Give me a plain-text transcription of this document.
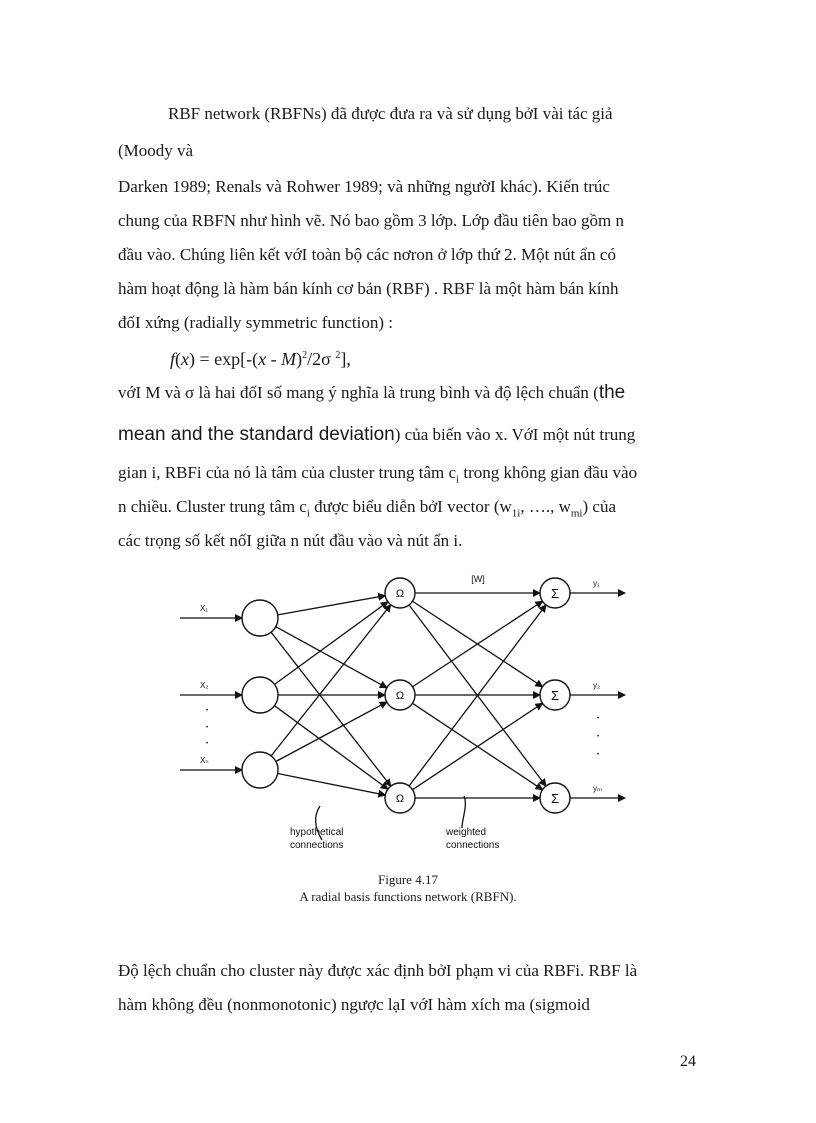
RBF network (RBFNs) đã được đưa ra và sử dụng bởI vài tác giả
(Moody và
Darken 1989; Renals và Rohwer 1989; và những ngườI khác). Kiến trúc
chung của RBFN như hình vẽ. Nó bao gồm 3 lớp. Lớp đầu tiên bao gồm n
đầu vào. Chúng liên kết vớI toàn bộ các nơron ở lớp thứ 2. Một nút ẩn có
hàm hoạt động là hàm bán kính cơ bản (RBF) . RBF là một hàm bán kính
đốI xứng (radially symmetric function) :
f(x) = exp[-(x - M)$^2$/2σ $^2$],
vớI M và σ là hai đốI số mang ý nghĩa là trung bình và độ lệch chuẩn (the
mean and the standard deviation) của biến vào x. VớI một nút trung
gian i, RBFi của nó là tâm của cluster trung tâm $c_i$ trong không gian đầu vào
n chiều. Cluster trung tâm $c_i$ được biểu diễn bởI vector ($w_{1i}$, …., $w_{mi}$) của
các trọng số kết nốI giữa n nút đầu vào và nút ẩn i.
Ω
Ω
Ω
Σ
Σ
Σ
X₁
X₂
Xₙ
y₁
y₂
yₘ
[W]
•
•
•
•
•
•
hypothetical
connections
weighted
connections
Figure 4.17
A radial basis functions network (RBFN).
Độ lệch chuẩn cho cluster này được xác định bởI phạm vi của RBFi. RBF là
hàm không đều (nonmonotonic) ngược lạI vớI hàm xích ma (sigmoid
24
